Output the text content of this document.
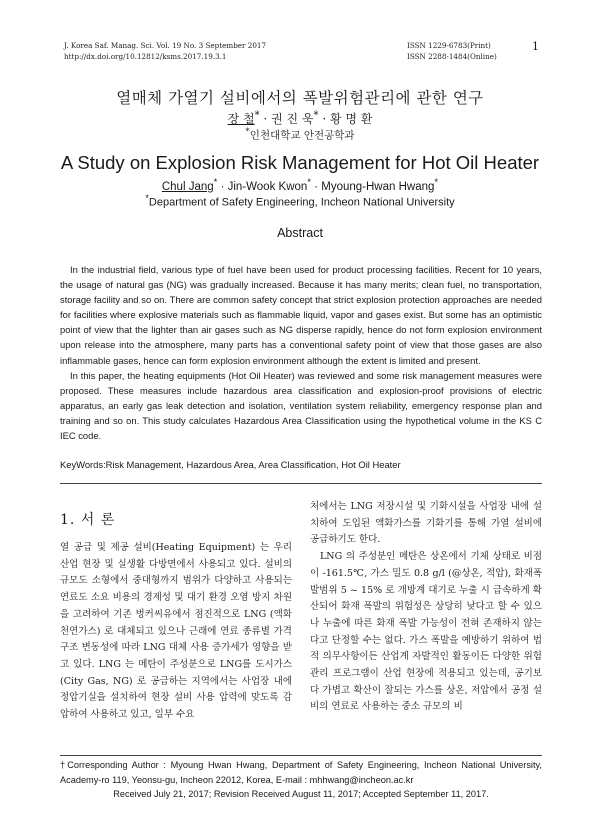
J. Korea Saf. Manag. Sci. Vol. 19 No. 3 September 2017
http://dx.doi.org/10.12812/ksms.2017.19.3.1
ISSN 1229-6783(Print)
ISSN 2288-1484(Online)
1
열매체 가열기 설비에서의 폭발위험관리에 관한 연구
장 철* · 권 진 욱* · 황 명 환
*인천대학교 안전공학과
A Study on Explosion Risk Management for Hot Oil Heater
Chul Jang* · Jin-Wook Kwon* · Myoung-Hwan Hwang*
*Department of Safety Engineering, Incheon National University
Abstract

In the industrial field, various type of fuel have been used for product processing facilities. Recent for 10 years, the usage of natural gas (NG) was gradually increased. Because it has many merits; clean fuel, no transportation, storage facility and so on. There are common safety concept that strict explosion protection approaches are needed for facilities where explosive materials such as flammable liquid, vapor and gases exist. But some has an optimistic point of view that the lighter than air gases such as NG disperse rapidly, hence do not form explosion environment upon release into the atmosphere, many parts has a conventional safety point of view that those gases are also inflammable gases, hence can form explosion environment although the extent is limited and present.

In this paper, the heating equipments (Hot Oil Heater) was reviewed and some risk management measures were proposed. These measures include hazardous area classification and explosion-proof provisions of electric apparatus, an early gas leak detection and isolation, ventilation system reliability, emergency response plan and training and so on. This study calculates Hazardous Area Classification using the hypothetical volume in the KS C IEC code.

KeyWords:Risk Management, Hazardous Area, Area Classification, Hot Oil Heater
1. 서 론

열 공급 및 제공 설비(Heating Equipment) 는 우리 산업 현장 및 실생활 다방면에서 사용되고 있다. 설비의 규모도 소형에서 중대형까지 범위가 다양하고 사용되는 연료도 소요 비용의 경제성 및 대기 환경 오염 방지 차원을 고려하여 기존 벙커씨유에서 점진적으로 LNG (액화천연가스) 로 대체되고 있으나 근래에 연료 종류별 가격구조 변동성에 따라 LNG 대체 사용 증가세가 영향을 받고 있다. LNG 는 메탄이 주성분으로 LNG를 도시가스(City Gas, NG) 로 공급하는 지역에서는 사업장 내에 정압기실을 설치하여 현장 설비 사용 압력에 맞도록 감압하여 사용하고 있고, 일부 수요

처에서는 LNG 저장시설 및 기화시설을 사업장 내에 설치하여 도입된 액화가스를 기화기를 통해 가열 설비에 공급하기도 한다.

LNG 의 주성분인 메탄은 상온에서 기체 상태로 비점이 -161.5℃, 가스 밀도 0.8 g/l (@상온, 적압), 화재폭발범위 5 ~ 15% 로 개방계 대기로 누출 시 급속하게 확산되어 화재 폭발의 위험성은 상당히 낮다고 할 수 있으나 누출에 따른 화재 폭발 가능성이 전혀 존재하지 않는다고 단정할 수는 없다. 가스 폭발을 예방하기 위하여 법적 의무사항이든 산업계 자발적인 활동이든 다양한 위험관리 프로그램이 산업 현장에 적용되고 있는데, 공기보다 가볍고 확산이 잘되는 가스를 상온, 저압에서 공정 설비의 연료로 사용하는 중소 규모의 비

†Corresponding Author : Myoung Hwan Hwang, Department of Safety Engineering, Incheon National University, Academy-ro 119, Yeonsu-gu, Incheon 22012, Korea, E-mail : mhhwang@incheon.ac.kr

Received July 21, 2017; Revision Received August 11, 2017; Accepted September 11, 2017.
